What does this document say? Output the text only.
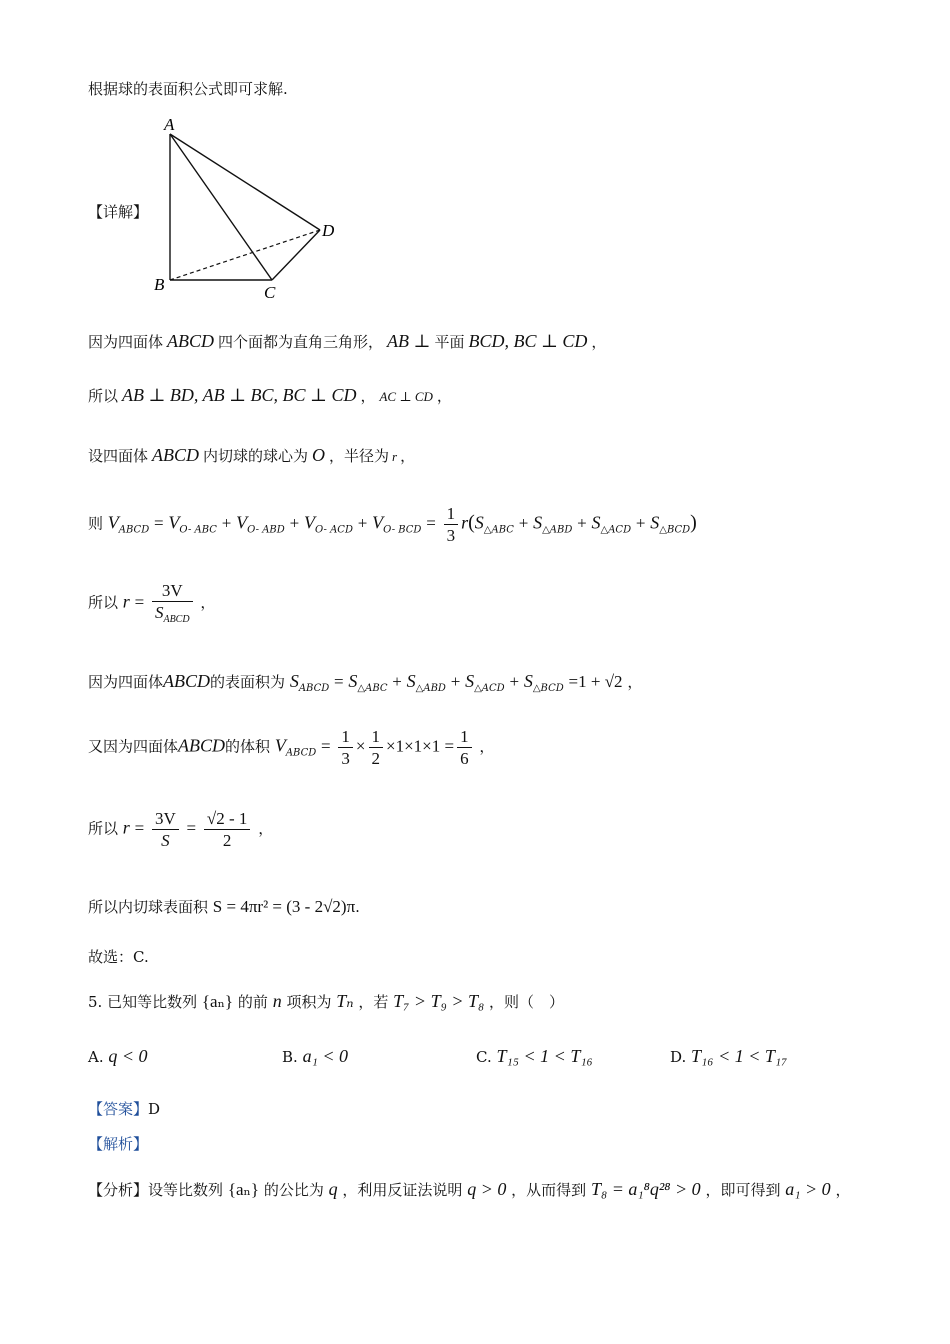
根据球的表面积公式即可求解.
【详解】
A
B	C
D
因为四面体 ABCD 四个面都为直角三角形， AB ⊥ 平面 BCD, BC ⊥ CD ，
所以 AB ⊥ BD, AB ⊥ BC, BC ⊥ CD ， AC ⊥ CD ，
设四面体 ABCD 内切球的球心为 O ，半径为 r ，
则 $V_{ABCD} = V_{O- ABC} + V_{O- ABD} + V_{O- ACD} + V_{O- BCD} = \frac{1}{3} r(S_{\triangle ABC} + S_{\triangle ABD} + S_{\triangle ACD} + S_{\triangle BCD})$
所以 $r = \frac{3V}{S_{ABCD}}$ ，
因为四面体ABCD的表面积为 $S_{ABCD} = S_{\triangle ABC} + S_{\triangle ABD} + S_{\triangle ACD} + S_{\triangle BCD} =1 + √2$ ，
又因为四面体ABCD的体积 $V_{ABCD} = \frac{1}{3} \times \frac{1}{2} \times 1\times 1\times 1 = \frac{1}{6}$ ，
所以 $r = \frac{3V}{S} = \frac{√2 - 1}{2}$ ，
所以内切球表面积 S = 4πr² = (3 - 2√2)π.
故选：C.
5. 已知等比数列 {aₙ} 的前 n 项积为 Tₙ ，若 T₇ > T₉ > T₈ ，则（　）
A. q < 0	B. a₁ < 0	C. T₁₅ < 1 < T₁₆	D. T₁₆ < 1 < T₁₇
【答案】D
【解析】
【分析】设等比数列 {aₙ} 的公比为 q ，利用反证法说明 q > 0 ，从而得到 T₈ = a₁⁸q²⁸ > 0 ，即可得到 a₁ > 0 ，
